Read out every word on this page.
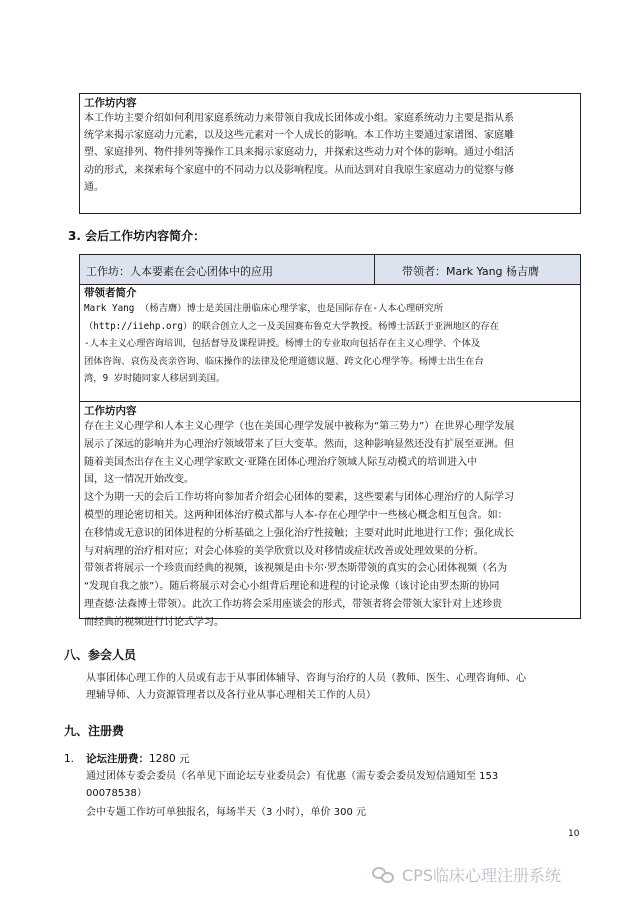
工作坊内容
本工作坊主要介绍如何利用家庭系统动力来带领自我成长团体或小组。家庭系统动力主要是指从系
统学来揭示家庭动力元素，以及这些元素对一个人成长的影响。本工作坊主要通过家谱图、家庭雕
塑、家庭排列、物件排列等操作工具来揭示家庭动力，并探索这些动力对个体的影响。通过小组活
动的形式，来探索每个家庭中的不同动力以及影响程度。从而达到对自我原生家庭动力的觉察与修
通。
3. 会后工作坊内容简介：
工作坊：人本要素在会心团体中的应用	带领者：Mark Yang 杨吉膺
带领者简介
Mark Yang （杨吉膺）博士是美国注册临床心理学家，也是国际存在-人本心理研究所
（http://iiehp.org）的联合创立人之一及美国赛布鲁克大学教授。杨博士活跃于亚洲地区的存在
-人本主义心理咨询培训，包括督导及课程讲授。杨博士的专业取向包括存在主义心理学、个体及
团体咨询、哀伤及丧亲咨询、临床操作的法律及伦理道德议题、跨文化心理学等。杨博士出生在台
湾，9 岁时随同家人移居到美国。
工作坊内容
存在主义心理学和人本主义心理学（也在美国心理学发展中被称为“第三势力”）在世界心理学发展
展示了深远的影响并为心理治疗领域带来了巨大变革。然而，这种影响显然还没有扩展至亚洲。但
随着美国杰出存在主义心理学家欧文·亚隆在团体心理治疗领域人际互动模式的培训进入中
国，这一情况开始改变。
这个为期一天的会后工作坊将向参加者介绍会心团体的要素，这些要素与团体心理治疗的人际学习
模型的理论密切相关。这两种团体治疗模式都与人本-存在心理学中一些核心概念相互包含。如：
在移情或无意识的团体进程的分析基础之上强化治疗性接触；主要对此时此地进行工作；强化成长
与对病理的治疗相对应；对会心体验的美学欣赏以及对移情或症状改善或处理效果的分析。
带领者将展示一个珍贵而经典的视频，该视频是由卡尔·罗杰斯带领的真实的会心团体视频（名为
“发现自我之旅”）。随后将展示对会心小组背后理论和进程的讨论录像（该讨论由罗杰斯的协同
理查德·法森博士带领）。此次工作坊将会采用座谈会的形式，带领者将会带领大家针对上述珍贵
而经典的视频进行讨论式学习。
八、参会人员
从事团体心理工作的人员或有志于从事团体辅导、咨询与治疗的人员（教师、医生、心理咨询师、心
理辅导师、人力资源管理者以及各行业从事心理相关工作的人员）
九、注册费
1. 论坛注册费：1280 元
通过团体专委会委员（名单见下面论坛专业委员会）有优惠（需专委会委员发短信通知至 153
00078538）
会中专题工作坊可单独报名，每场半天（3 小时），单价 300 元
10
CPS临床心理注册系统
